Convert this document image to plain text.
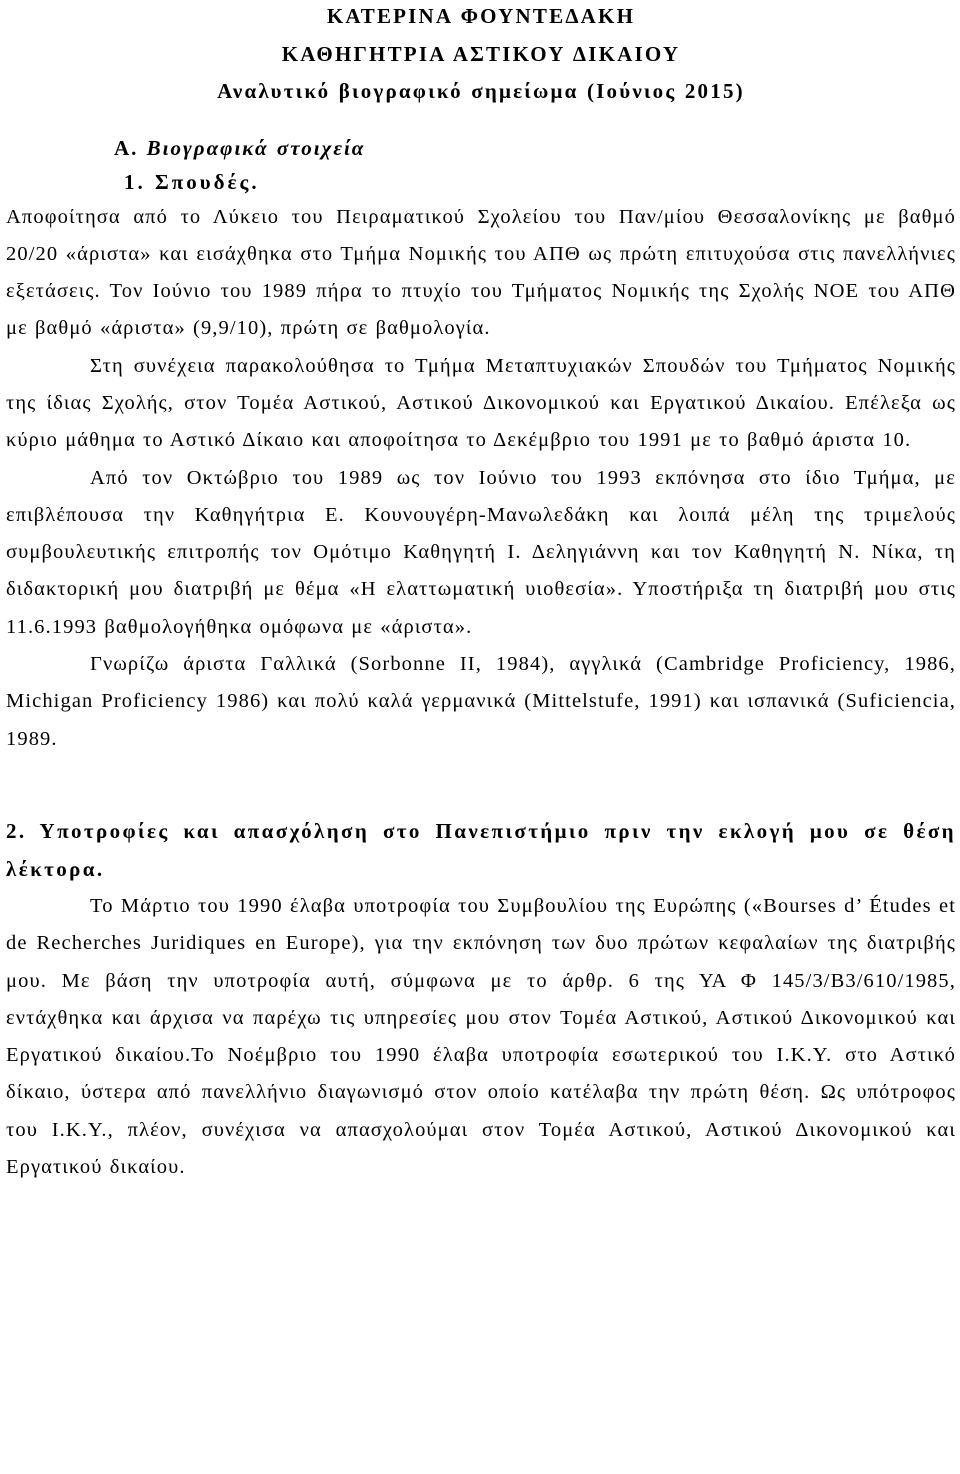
ΚΑΤΕΡΙΝΑ ΦΟΥΝΤΕΔΑΚΗ
ΚΑΘΗΓΗΤΡΙΑ ΑΣΤΙΚΟΥ ΔΙΚΑΙΟΥ
Αναλυτικό βιογραφικό σημείωμα (Ιούνιος 2015)
Α. Βιογραφικά στοιχεία
1. Σπουδές.

Αποφοίτησα από το Λύκειο του Πειραματικού Σχολείου του Παν/μίου Θεσσαλονίκης με βαθμό 20/20 «άριστα» και εισάχθηκα στο Τμήμα Νομικής του ΑΠΘ ως πρώτη επιτυχούσα στις πανελλήνιες εξετάσεις. Τον Ιούνιο του 1989 πήρα το πτυχίο του Τμήματος Νομικής της Σχολής ΝΟΕ του ΑΠΘ με βαθμό «άριστα» (9,9/10), πρώτη σε βαθμολογία.

Στη συνέχεια παρακολούθησα το Τμήμα Μεταπτυχιακών Σπουδών του Τμήματος Νομικής της ίδιας Σχολής, στον Τομέα Αστικού, Αστικού Δικονομικού και Εργατικού Δικαίου. Επέλεξα ως κύριο μάθημα το Αστικό Δίκαιο και αποφοίτησα το Δεκέμβριο του 1991 με το βαθμό άριστα 10.

Από τον Οκτώβριο του 1989 ως τον Ιούνιο του 1993 εκπόνησα στο ίδιο Τμήμα, με επιβλέπουσα την Καθηγήτρια Ε. Κουνουγέρη-Μανωλεδάκη και λοιπά μέλη της τριμελούς συμβουλευτικής επιτροπής τον Ομότιμο Καθηγητή Ι. Δεληγιάννη και τον Καθηγητή Ν. Νίκα, τη διδακτορική μου διατριβή με θέμα «Η ελαττωματική υιοθεσία». Υποστήριξα τη διατριβή μου στις 11.6.1993 βαθμολογήθηκα ομόφωνα με «άριστα».

Γνωρίζω άριστα Γαλλικά (Sorbonne II, 1984), αγγλικά (Cambridge Proficiency, 1986, Michigan Proficiency 1986) και πολύ καλά γερμανικά (Mittelstufe, 1991) και ισπανικά (Suficiencia, 1989.

2. Υποτροφίες και απασχόληση στο Πανεπιστήμιο πριν την εκλογή μου σε θέση λέκτορα.

Το Μάρτιο του 1990 έλαβα υποτροφία του Συμβουλίου της Ευρώπης («Bourses d’ Études et de Recherches Juridiques en Europe), για την εκπόνηση των δυο πρώτων κεφαλαίων της διατριβής μου. Με βάση την υποτροφία αυτή, σύμφωνα με το άρθρ. 6 της ΥΑ Φ 145/3/Β3/610/1985, εντάχθηκα και άρχισα να παρέχω τις υπηρεσίες μου στον Τομέα Αστικού, Αστικού Δικονομικού και Εργατικού δικαίου.Το Νοέμβριο του 1990 έλαβα υποτροφία εσωτερικού του Ι.Κ.Υ. στο Αστικό δίκαιο, ύστερα από πανελλήνιο διαγωνισμό στον οποίο κατέλαβα την πρώτη θέση. Ως υπότροφος του Ι.Κ.Υ., πλέον, συνέχισα να απασχολούμαι στον Τομέα Αστικού, Αστικού Δικονομικού και Εργατικού δικαίου.
